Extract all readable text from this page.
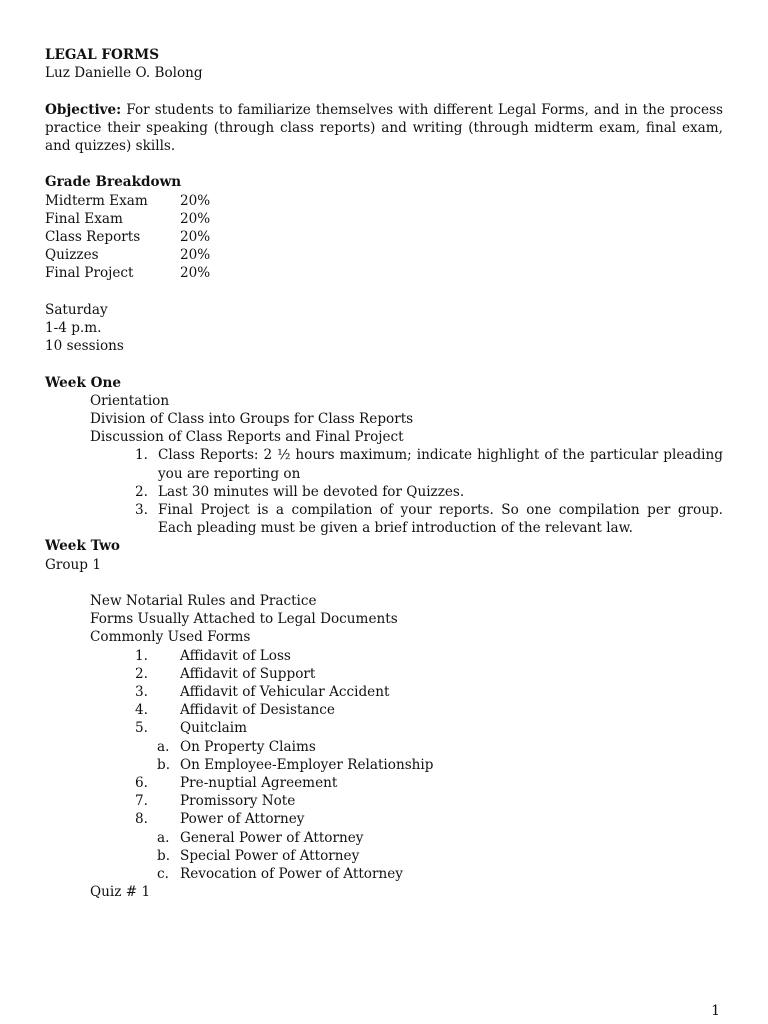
LEGAL FORMS
Luz Danielle O. Bolong
Objective: For students to familiarize themselves with different Legal Forms, and in the process practice their speaking (through class reports) and writing (through midterm exam, final exam, and quizzes) skills.
Grade Breakdown
Midterm Exam	20%
Final Exam	20%
Class Reports	20%
Quizzes	20%
Final Project	20%
Saturday
1-4 p.m.
10 sessions
Week One
Orientation
Division of Class into Groups for Class Reports
Discussion of Class Reports and Final Project
1. Class Reports: 2 ½ hours maximum; indicate highlight of the particular pleading you are reporting on
2. Last 30 minutes will be devoted for Quizzes.
3. Final Project is a compilation of your reports. So one compilation per group. Each pleading must be given a brief introduction of the relevant law.
Week Two
Group 1
New Notarial Rules and Practice
Forms Usually Attached to Legal Documents
Commonly Used Forms
1.	Affidavit of Loss
2.	Affidavit of Support
3.	Affidavit of Vehicular Accident
4.	Affidavit of Desistance
5.	Quitclaim
a. On Property Claims
b. On Employee-Employer Relationship
6.	Pre-nuptial Agreement
7.	Promissory Note
8.	Power of Attorney
a. General Power of Attorney
b. Special Power of Attorney
c. Revocation of Power of Attorney
Quiz # 1
1
